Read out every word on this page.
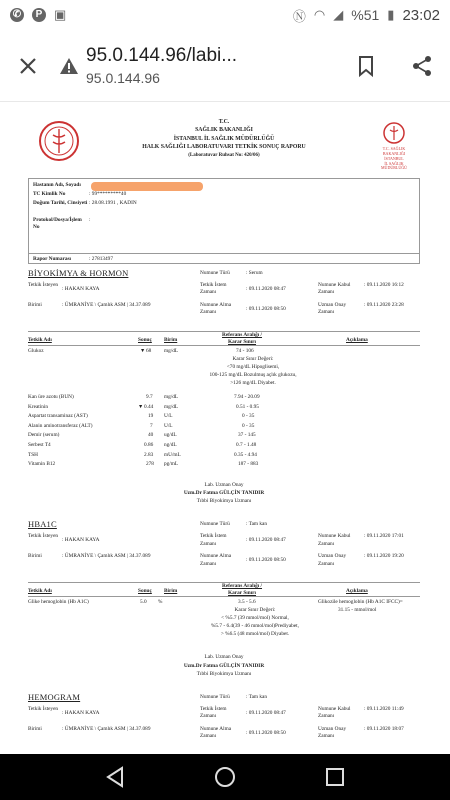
✆	P ▣	Ⓝ ◠ ◢ %51 ▮ 23:02
95.0.144.96/labi...
95.0.144.96
T.C.
SAĞLIK BAKANLIĞI
İSTANBUL İL SAĞLIK MÜDÜRLÜĞÜ
HALK SAĞLIĞI LABORATUVARI TETKİK SONUÇ RAPORU
(Laboratuvar Ruhsat No: 420/06)
T.C. SAĞLIK BAKANLIĞI
İSTANBUL
İL SAĞLIK MÜDÜRLÜĞÜ
Hastanın Adı, Soyadı
TC Kimlik No	: 99*********40
Doğum Tarihi, Cinsiyeti : 28.08.1991 , KADIN
Protokol/Dosya/İşlem No
:
Rapor Numarası	: 27813497
BİYOKİMYA & HORMON
Tetkik İsteyen
: HAKAN KAYA
Birimi	: ÜMRANİYE \ Çamlık ASM | 34.37.089
Numune Türü	: Serum
Tetkik İstem Zamanı
: 09.11.2020 08:47
Numune Alma Zamanı
: 09.11.2020 08:50
Numune Kabul Zamanı
: 09.11.2020 16:12
Uzman Onay Zamanı
: 09.11.2020 23:28
Tetkik Adı	Sonuç Birim
Referans Aralığı /
Karar Sınırı	Açıklama
Glukoz	▼ 68 mg/dL	74 - 106
Karar Sınır Değeri:
<70 mg/dL Hipoglisemi,
100-125 mg/dL Bozulmuş açlık glukozu,
>126 mg/dL Diyabet.
Kan üre azotu (BUN)	9.7 mg/dL	7.94 - 20.09
Kreatinin	▼ 0.44 mg/dL	0.51 - 0.95
Aspartat transaminaz (AST)	19 U/L	0 - 35
Alanin aminotransferaz (ALT)	7 U/L	0 - 35
Demir (serum)	40 ug/dL	37 - 145
Serbest T4	0.86 ng/dL	0.7 - 1.48
TSH	2.83 mU/mL	0.35 - 4.94
Vitamin B12	278 pg/mL	187 - 883
Lab. Uzman Onay
Uzm.Dr Fatma GÜLÇİN TANIDIR
Tıbbi Biyokimya Uzmanı
HBA1C
Tetkik İsteyen
: HAKAN KAYA
Birimi	: ÜMRANİYE \ Çamlık ASM | 34.37.089
Numune Türü	: Tam kan
Tetkik İstem Zamanı
: 09.11.2020 08:47
Numune Alma Zamanı
: 09.11.2020 08:50
Numune Kabul Zamanı
: 09.11.2020 17:01
Uzman Onay Zamanı
: 09.11.2020 19:20
Tetkik Adı	Sonuç Birim
Referans Aralığı /
Karar Sınırı	Açıklama
Glike hemoglobin (Hb A1C)	5.0 %	3.5 - 5.6	Glikozile hemoglobin (Hb A1C IFCC)=
31.15 - mmol/mol
Karar Sınır Değeri:
< %5.7 (39 mmol/mol) Normal,
%5.7 - 6.4(39 - 46 mmol/mol)Prediyabet,
> %6.5 (48 mmol/mol) Diyabet.
Lab. Uzman Onay
Uzm.Dr Fatma GÜLÇİN TANIDIR
Tıbbi Biyokimya Uzmanı
HEMOGRAM
Tetkik İsteyen
: HAKAN KAYA
Birimi	: ÜMRANİYE \ Çamlık ASM | 34.37.089
Numune Türü	: Tam kan
Tetkik İstem Zamanı
: 09.11.2020 08:47
Numune Alma Zamanı
: 09.11.2020 08:50
Numune Kabul Zamanı
: 09.11.2020 11:49
Uzman Onay Zamanı
: 09.11.2020 18:07
